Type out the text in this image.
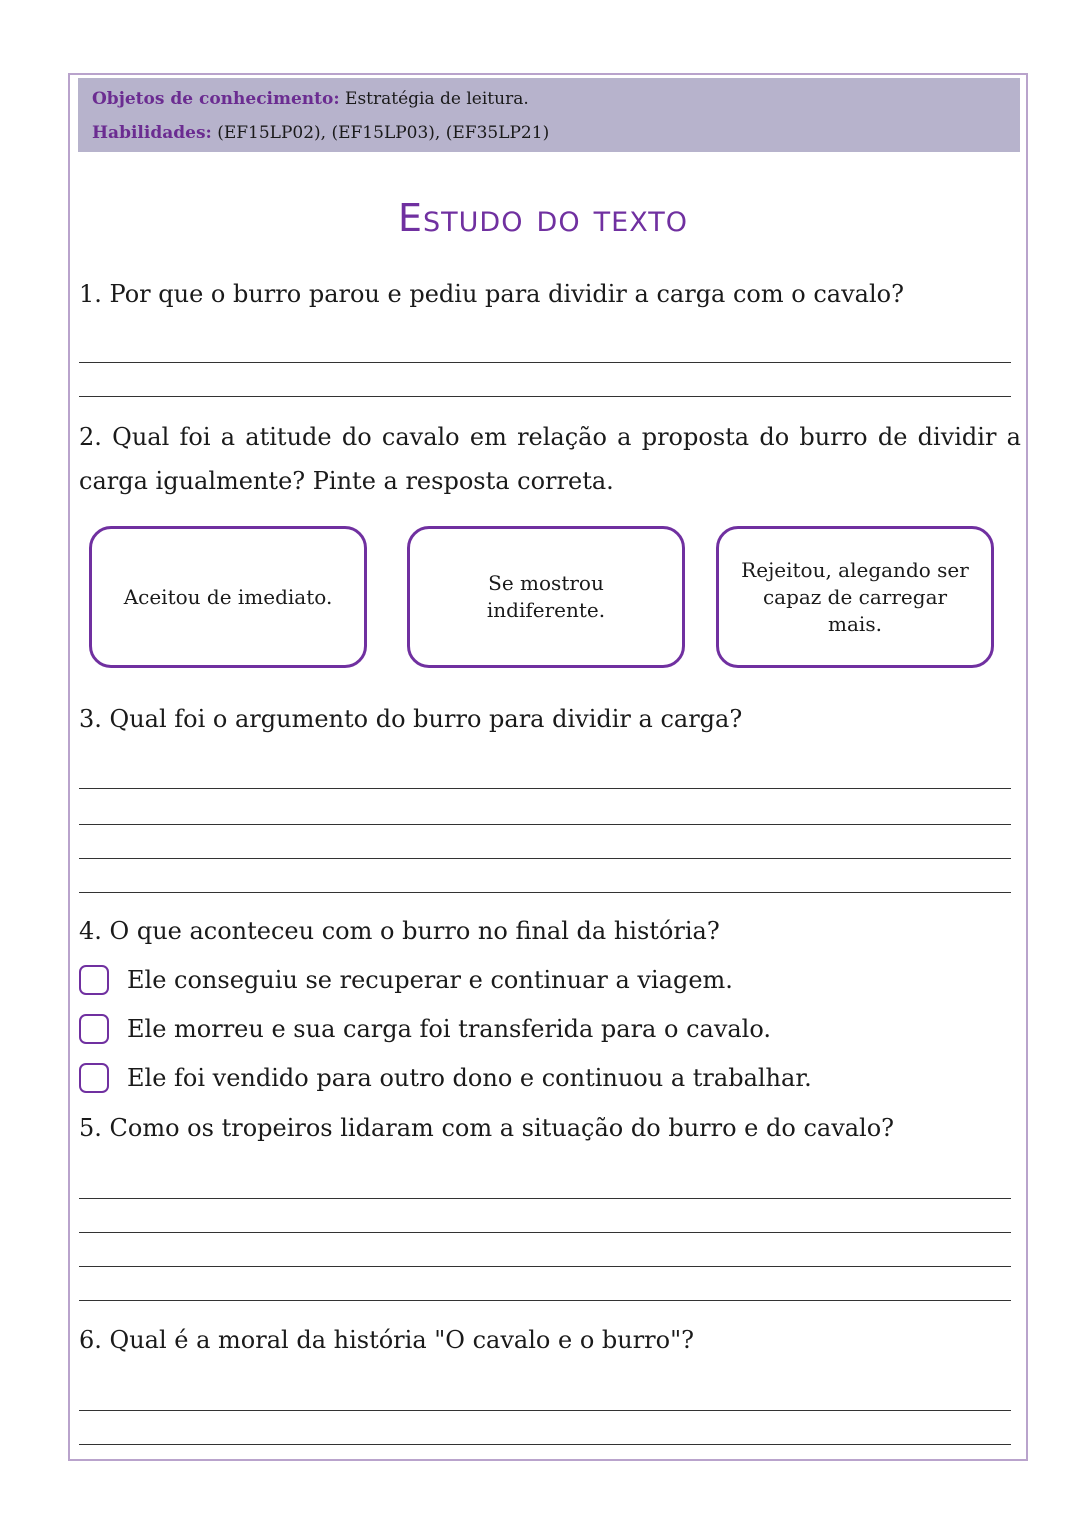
Objetos de conhecimento: Estratégia de leitura.
Habilidades: (EF15LP02), (EF15LP03), (EF35LP21)
Estudo do texto
1. Por que o burro parou e pediu para dividir a carga com o cavalo?
2. Qual foi a atitude do cavalo em relação a proposta do burro de dividir a carga igualmente? Pinte a resposta correta.
Aceitou de imediato.
Se mostrou indiferente.
Rejeitou, alegando ser capaz de carregar mais.
3. Qual foi o argumento do burro para dividir a carga?
4. O que aconteceu com o burro no final da história?
Ele conseguiu se recuperar e continuar a viagem.
Ele morreu e sua carga foi transferida para o cavalo.
Ele foi vendido para outro dono e continuou a trabalhar.
5. Como os tropeiros lidaram com a situação do burro e do cavalo?
6. Qual é a moral da história "O cavalo e o burro"?
